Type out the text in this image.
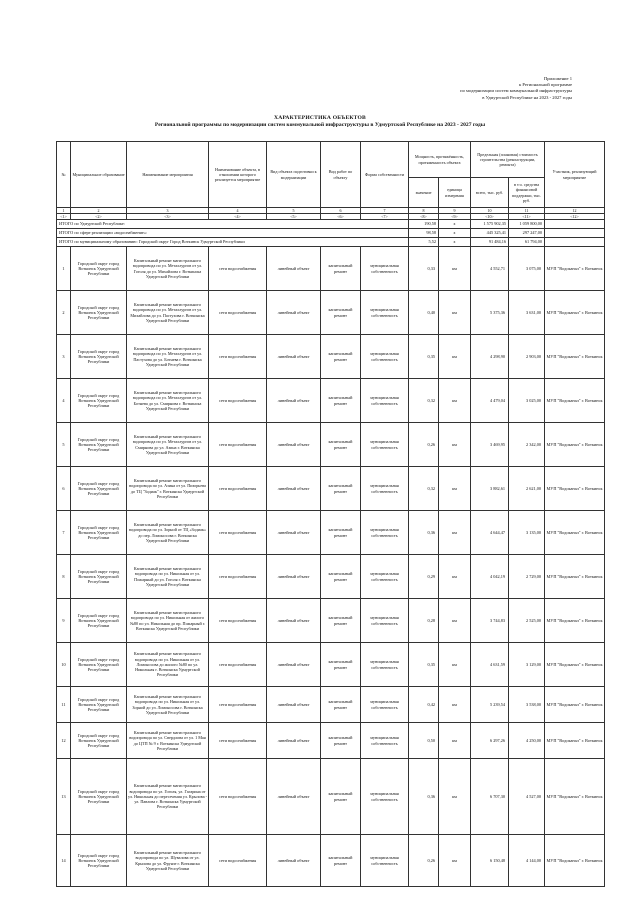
Приложение 1
к Региональной программе
по модернизации систем коммунальной инфраструктуры
в Удмуртской Республике на 2023 - 2027 годы
ХАРАКТЕРИСТИКА ОБЪЕКТОВ
Региональной программы по модернизации систем коммунальной инфраструктуры в Удмуртской Республике на 2023 - 2027 годы
№	Муниципальное образование	Наименование мероприятия	Наименование объекта, в отношении которого реализуется мероприятие	Вид объекта подготовки к модернизации	Вид работ по объекту	Форма собственности	Мощность, протяжённость, протяженность объекта		Предельная (плановая) стоимость строительства (реконструкции, ремонта)		Участник, реализующий мероприятие
							значение	единица измерения	всего, тыс. руб.	в т.ч. средства финансовой поддержки, тыс. руб.	
1	2	3	4	5	6	7	8	9	10	11	12
<1>	<2>	<3>	<4>	<5>	<6>	<7>	<8>	<9>	<10>	<11>	<12>
ИТОГО по Удмуртской Республике:							190,58	x	1 575 902,35	1 059 800,00	
ИТОГО по сфере реализации «водоснабжение»:							98,58	x	445 325,41	297 247,00	
ИТОГО по муниципальному образованию: Городской округ Город Воткинск Удмуртской Республики							5,52	x	91 484,16	61 794,00	
1	Городской округ город Воткинск Удмуртской Республики	Капитальный ремонт магистрального водопровода по ул. Металлургов от ул. Гоголя до ул. Михайлова г. Воткинска Удмуртской Республики	сети водоснабжения	линейный объект	капитальный ремонт	муниципальная собственность	0,33	км	4 552,71	3 075,00	МУП "Водоканал" г. Воткинск
2	Городской округ город Воткинск Удмуртской Республики	Капитальный ремонт магистрального водопровода по ул. Металлургов от ул. Михайлова до ул. Пастухова г. Воткинска Удмуртской Республики	сети водоснабжения	линейный объект	капитальный ремонт	муниципальная собственность	0,40	км	5 375,36	3 631,00	МУП "Водоканал" г. Воткинск
3	Городской округ город Воткинск Удмуртской Республики	Капитальный ремонт магистрального водопровода по ул. Металлургов от ул. Пастухова до ул. Ботнева г. Воткинска Удмуртской Республики	сети водоснабжения	линейный объект	капитальный ремонт	муниципальная собственность	0,35	км	4 298,90	2 903,00	МУП "Водоканал" г. Воткинск
4	Городской округ город Воткинск Удмуртской Республики	Капитальный ремонт магистрального водопровода по ул. Металлургов от ул. Ботнева до ул. Смирнова г. Воткинска Удмуртской Республики	сети водоснабжения	линейный объект	капитальный ремонт	муниципальная собственность	0,32	км	4 479,04	3 025,00	МУП "Водоканал" г. Воткинск
5	Городской округ город Воткинск Удмуртской Республики	Капитальный ремонт магистрального водопровода по ул. Металлургов от ул. Смирнова до ул. Азина г. Воткинска Удмуртской Республики	сети водоснабжения	линейный объект	капитальный ремонт	муниципальная собственность	0,26	км	3 469,95	2 342,00	МУП "Водоканал" г. Воткинск
6	Городской округ город Воткинск Удмуртской Республики	Капитальный ремонт магистрального водопровода по ул. Азина от ул. Пизорьева до ТЦ "Зодиак" г. Воткинска Удмуртской Республики	сети водоснабжения	линейный объект	капитальный ремонт	муниципальная собственность	0,32	км	3 882,61	2 621,00	МУП "Водоканал" г. Воткинск
7	Городской округ город Воткинск Удмуртской Республики	Капитальный ремонт магистрального водопровода по ул. Зорной от ТЦ «Зодиак» до пер. Ломоносова г. Воткинска Удмуртской Республики	сети водоснабжения	линейный объект	капитальный ремонт	муниципальная собственность	0,36	км	4 644,47	3 135,00	МУП "Водоканал" г. Воткинск
8	Городской округ город Воткинск Удмуртской Республики	Капитальный ремонт магистрального водопровода по ул. Никольная от ул. Пожарный до ул. Гоголя г. Воткинска Удмуртской Республики	сети водоснабжения	линейный объект	капитальный ремонт	муниципальная собственность	0,29	км	4 042,19	2 729,00	МУП "Водоканал" г. Воткинск
9	Городской округ город Воткинск Удмуртской Республики	Капитальный ремонт магистрального водопровода по ул. Никольная от жилого №80 по ул. Никольная до пр. Пожарный г. Воткинска Удмуртской Республики	сети водоснабжения	линейный объект	капитальный ремонт	муниципальная собственность	0,28	км	3 744,83	2 525,00	МУП "Водоканал" г. Воткинск
10	Городской округ город Воткинск Удмуртской Республики	Капитальный ремонт магистрального водопровода по ул. Никольная от ул. Ломоносова до жилого №80 по ул. Никольная г. Воткинска Удмуртской Республики	сети водоснабжения	линейный объект	капитальный ремонт	муниципальная собственность	0,35	км	4 631,59	3 129,00	МУП "Водоканал" г. Воткинск
11	Городской округ город Воткинск Удмуртской Республики	Капитальный ремонт магистрального водопровода по ул. Никольная от ул. Зорной до ул. Ломоносова г. Воткинска Удмуртской Республики	сети водоснабжения	линейный объект	капитальный ремонт	муниципальная собственность	0,42	км	5 239,54	3 538,00	МУП "Водоканал" г. Воткинск
12	Городской округ город Воткинск Удмуртской Республики	Капитальный ремонт магистрального водопровода по ул. Свердлова от ул. 1 Мая до ЦТП № 9 г. Воткинска Удмуртской Республики	сети водоснабжения	линейный объект	капитальный ремонт	муниципальная собственность	0,50	км	6 297,26	4 250,00	МУП "Водоканал" г. Воткинск
13	Городской округ город Воткинск Удмуртской Республики	Капитальный ремонт магистрального водопровода по ул. Гоголя, ул. Гагарина от ул. Никольная до пересечения ул. Крылова - ул. Павлова г. Воткинска Удмуртской Республики	сети водоснабжения	линейный объект	капитальный ремонт	муниципальная собственность	0,36	км	6 707,30	4 527,00	МУП "Водоканал" г. Воткинск
14	Городской округ город Воткинск Удмуртской Республики	Капитальный ремонт магистрального водопровода по ул. Шувалова от ул. Крылова до ул. Фрунзе г. Воткинска Удмуртской Республики	сети водоснабжения	линейный объект	капитальный ремонт	муниципальная собственность	0,26	км	6 150,48	4 144,00	МУП "Водоканал" г. Воткинск
